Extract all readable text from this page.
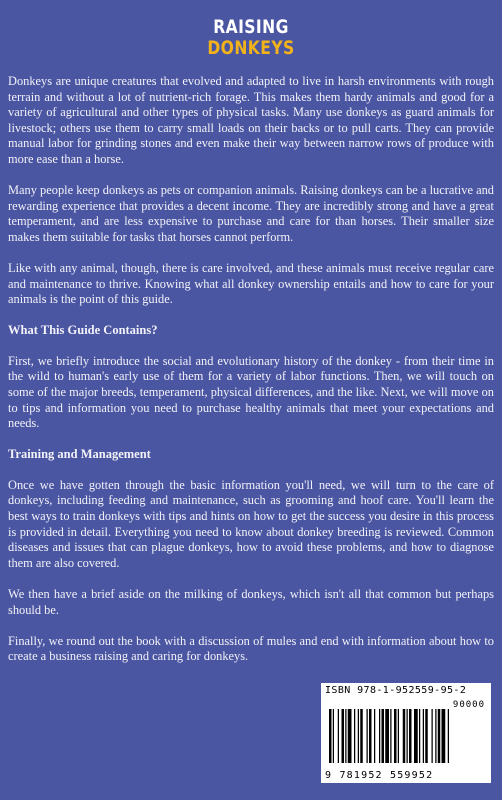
RAISING
DONKEYS

Donkeys are unique creatures that evolved and adapted to live in harsh environments with rough terrain and without a lot of nutrient-rich forage. This makes them hardy animals and good for a variety of agricultural and other types of physical tasks. Many use donkeys as guard animals for livestock; others use them to carry small loads on their backs or to pull carts. They can provide manual labor for grinding stones and even make their way between narrow rows of produce with more ease than a horse.

Many people keep donkeys as pets or companion animals. Raising donkeys can be a lucrative and rewarding experience that provides a decent income. They are incredibly strong and have a great temperament, and are less expensive to purchase and care for than horses. Their smaller size makes them suitable for tasks that horses cannot perform.

Like with any animal, though, there is care involved, and these animals must receive regular care and maintenance to thrive. Knowing what all donkey ownership entails and how to care for your animals is the point of this guide.

What This Guide Contains?

First, we briefly introduce the social and evolutionary history of the donkey - from their time in the wild to human's early use of them for a variety of labor functions. Then, we will touch on some of the major breeds, temperament, physical differences, and the like. Next, we will move on to tips and information you need to purchase healthy animals that meet your expectations and needs.

Training and Management

Once we have gotten through the basic information you'll need, we will turn to the care of donkeys, including feeding and maintenance, such as grooming and hoof care. You'll learn the best ways to train donkeys with tips and hints on how to get the success you desire in this process is provided in detail. Everything you need to know about donkey breeding is reviewed. Common diseases and issues that can plague donkeys, how to avoid these problems, and how to diagnose them are also covered.

We then have a brief aside on the milking of donkeys, which isn't all that common but perhaps should be.

Finally, we round out the book with a discussion of mules and end with information about how to create a business raising and caring for donkeys.

ISBN 978-1-952559-95-2
90000
9 781952 559952
